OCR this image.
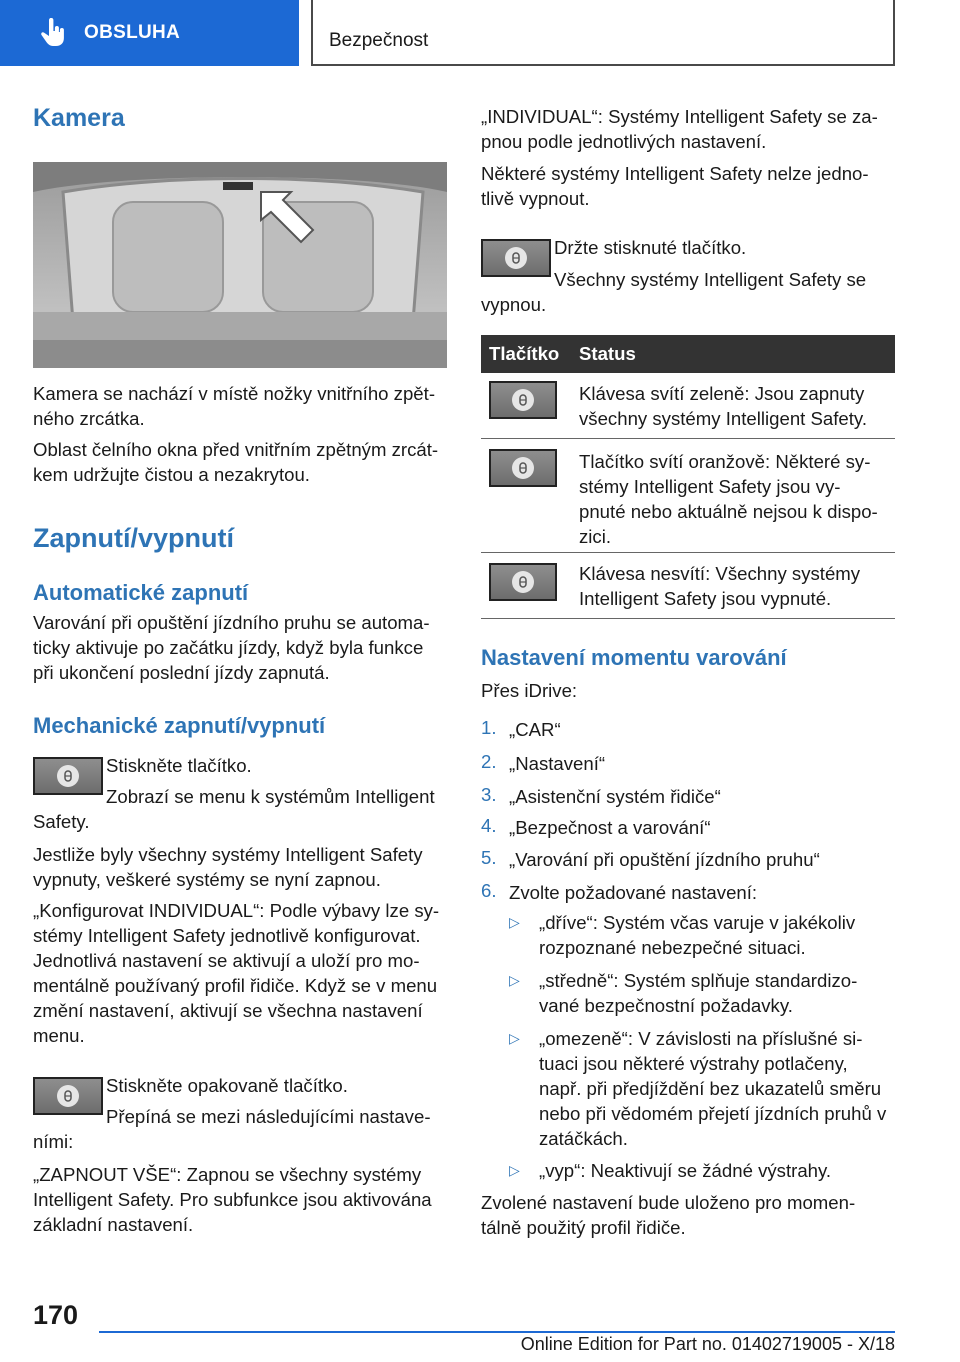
OBSLUHA	Bezpečnost
Kamera
Kamera se nachází v místě nožky vnitřního zpět-
ného zrcátka.
Oblast čelního okna před vnitřním zpětným zrcát-
kem udržujte čistou a nezakrytou.
Zapnutí/vypnutí
Automatické zapnutí
Varování při opuštění jízdního pruhu se automa-
ticky aktivuje po začátku jízdy, když byla funkce
při ukončení poslední jízdy zapnutá.
Mechanické zapnutí/vypnutí
Stiskněte tlačítko.
Zobrazí se menu k systémům Intelligent
Safety.
Jestliže byly všechny systémy Intelligent Safety
vypnuty, veškeré systémy se nyní zapnou.
„Konfigurovat INDIVIDUAL“: Podle výbavy lze sy-
stémy Intelligent Safety jednotlivě konfigurovat.
Jednotlivá nastavení se aktivují a uloží pro mo-
mentálně používaný profil řidiče. Když se v menu
změní nastavení, aktivují se všechna nastavení
menu.
Stiskněte opakovaně tlačítko.
Přepíná se mezi následujícími nastave-
ními:
„ZAPNOUT VŠE“: Zapnou se všechny systémy
Intelligent Safety. Pro subfunkce jsou aktivována
základní nastavení.
„INDIVIDUAL“: Systémy Intelligent Safety se za-
pnou podle jednotlivých nastavení.
Některé systémy Intelligent Safety nelze jedno-
tlivě vypnout.
Držte stisknuté tlačítko.
Všechny systémy Intelligent Safety se
vypnou.
Tlačítko Status
Klávesa svítí zeleně: Jsou zapnuty
všechny systémy Intelligent Safety.
Tlačítko svítí oranžově: Některé sy-
stémy Intelligent Safety jsou vy-
pnuté nebo aktuálně nejsou k dispo-
zici.
Klávesa nesvítí: Všechny systémy
Intelligent Safety jsou vypnuté.
Nastavení momentu varování
Přes iDrive:
1. „CAR“
2. „Nastavení“
3. „Asistenční systém řidiče“
4. „Bezpečnost a varování“
5. „Varování při opuštění jízdního pruhu“
6. Zvolte požadované nastavení:
▷ „dříve“: Systém včas varuje v jakékoliv
rozpoznané nebezpečné situaci.
▷ „středně“: Systém splňuje standardizo-
vané bezpečnostní požadavky.
▷ „omezeně“: V závislosti na příslušné si-
tuaci jsou některé výstrahy potlačeny,
např. při předjíždění bez ukazatelů směru
nebo při vědomém přejetí jízdních pruhů v
zatáčkách.
▷ „vyp“: Neaktivují se žádné výstrahy.
Zvolené nastavení bude uloženo pro momen-
tálně použitý profil řidiče.
170
Online Edition for Part no. 01402719005 - X/18
